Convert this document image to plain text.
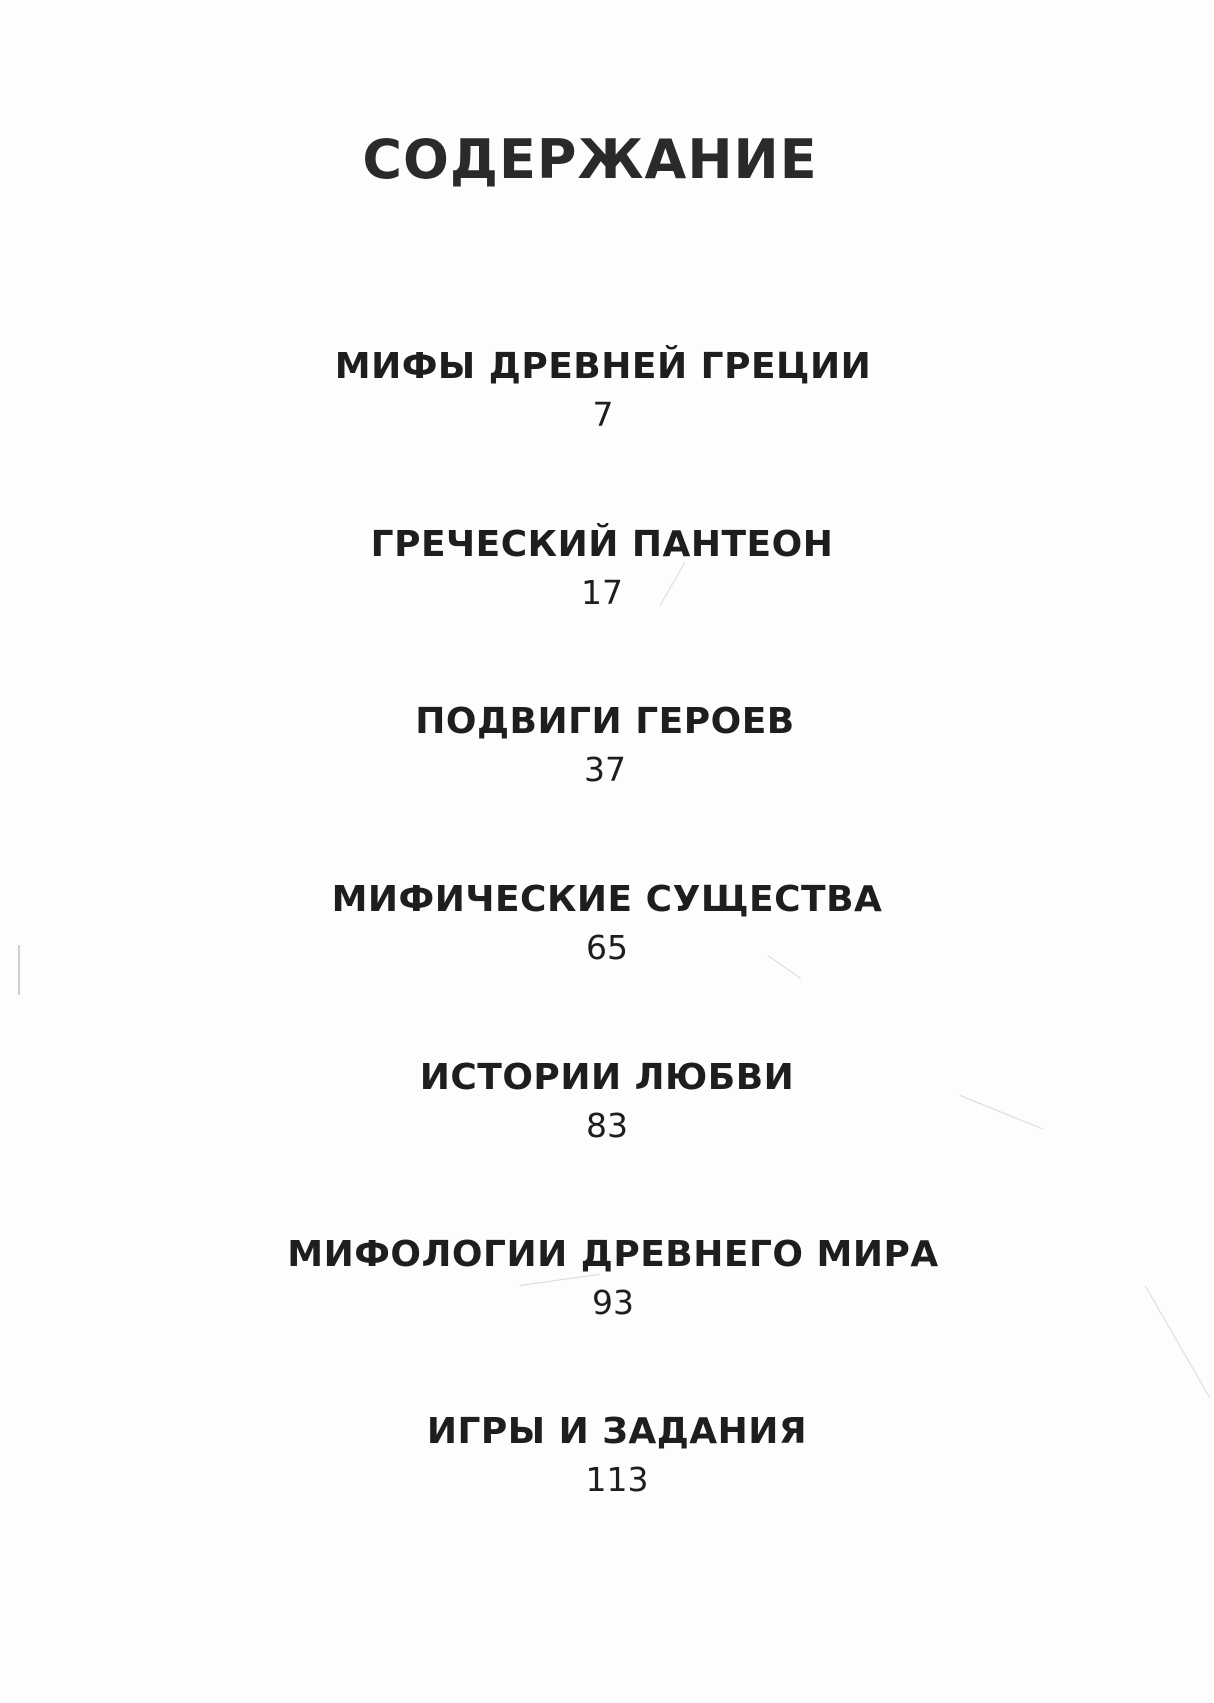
СОДЕРЖАНИЕ
МИФЫ ДРЕВНЕЙ ГРЕЦИИ
7
ГРЕЧЕСКИЙ ПАНТЕОН
17
ПОДВИГИ ГЕРОЕВ
37
МИФИЧЕСКИЕ СУЩЕСТВА
65
ИСТОРИИ ЛЮБВИ
83
МИФОЛОГИИ ДРЕВНЕГО МИРА
93
ИГРЫ И ЗАДАНИЯ
113
